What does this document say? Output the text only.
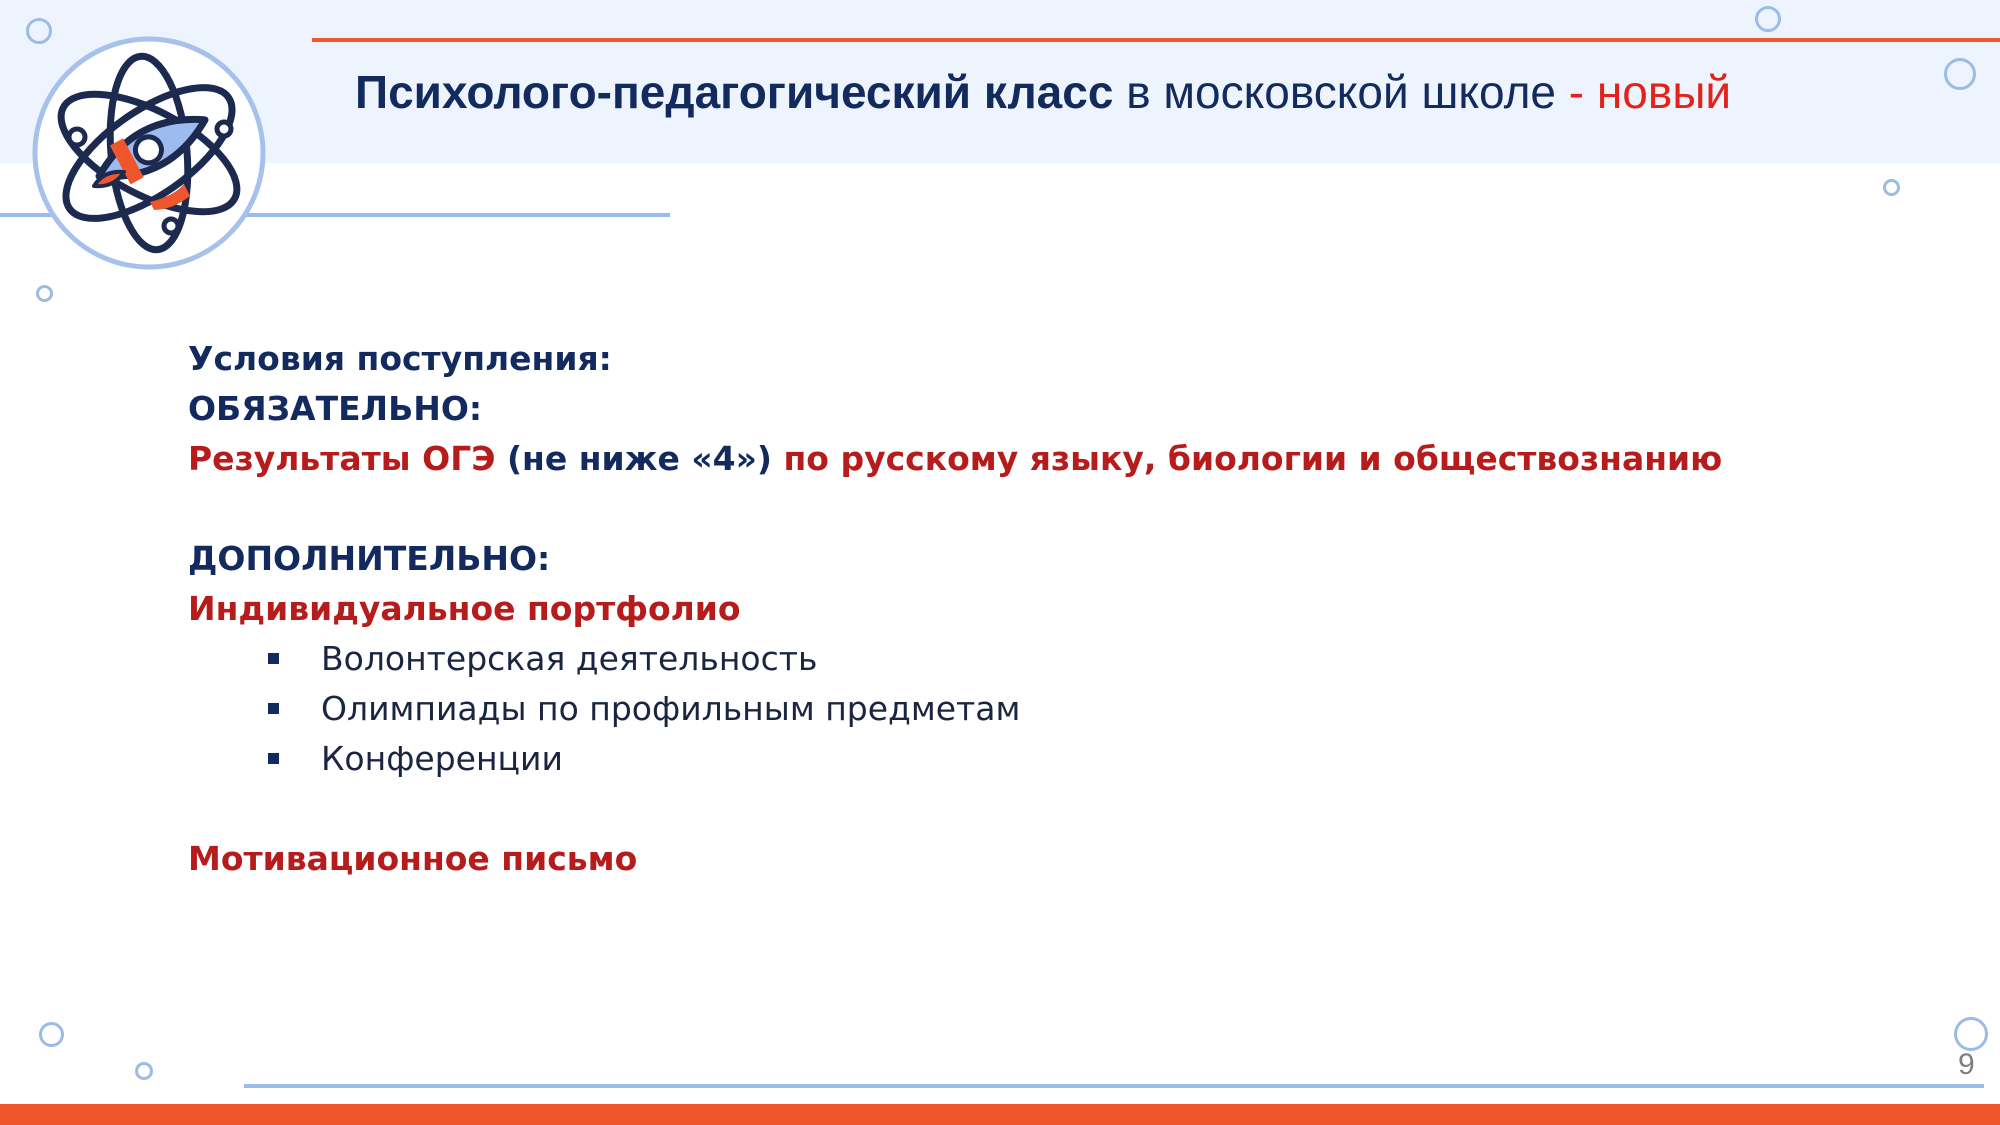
Психолого-педагогический класс в московской школе - новый

Условия поступления:

ОБЯЗАТЕЛЬНО:

Результаты ОГЭ (не ниже «4») по русскому языку, биологии и обществознанию

ДОПОЛНИТЕЛЬНО:

Индивидуальное портфолио

Волонтерская деятельность
Олимпиады по профильным предметам
Конференции

Мотивационное письмо

9
